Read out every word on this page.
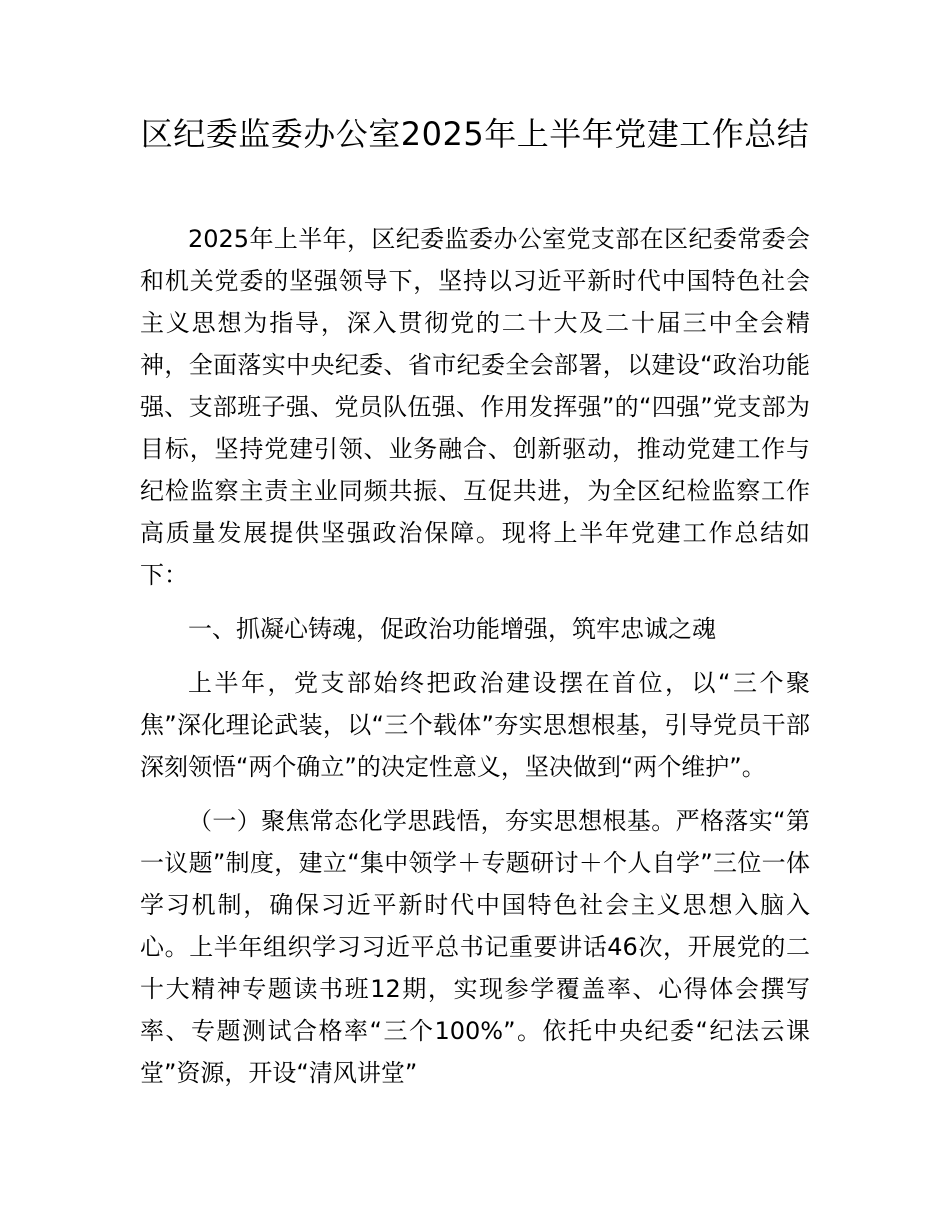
区纪委监委办公室2025年上半年党建工作总结

2025年上半年，区纪委监委办公室党支部在区纪委常委会和机关党委的坚强领导下，坚持以习近平新时代中国特色社会主义思想为指导，深入贯彻党的二十大及二十届三中全会精神，全面落实中央纪委、省市纪委全会部署，以建设“政治功能强、支部班子强、党员队伍强、作用发挥强”的“四强”党支部为目标，坚持党建引领、业务融合、创新驱动，推动党建工作与纪检监察主责主业同频共振、互促共进，为全区纪检监察工作高质量发展提供坚强政治保障。现将上半年党建工作总结如下：

一、抓凝心铸魂，促政治功能增强，筑牢忠诚之魂

上半年，党支部始终把政治建设摆在首位，以“三个聚焦”深化理论武装，以“三个载体”夯实思想根基，引导党员干部深刻领悟“两个确立”的决定性意义，坚决做到“两个维护”。

（一）聚焦常态化学思践悟，夯实思想根基。严格落实“第一议题”制度，建立“集中领学＋专题研讨＋个人自学”三位一体学习机制，确保习近平新时代中国特色社会主义思想入脑入心。上半年组织学习习近平总书记重要讲话46次，开展党的二十大精神专题读书班12期，实现参学覆盖率、心得体会撰写率、专题测试合格率“三个100%”。依托中央纪委“纪法云课堂”资源，开设“清风讲堂”
